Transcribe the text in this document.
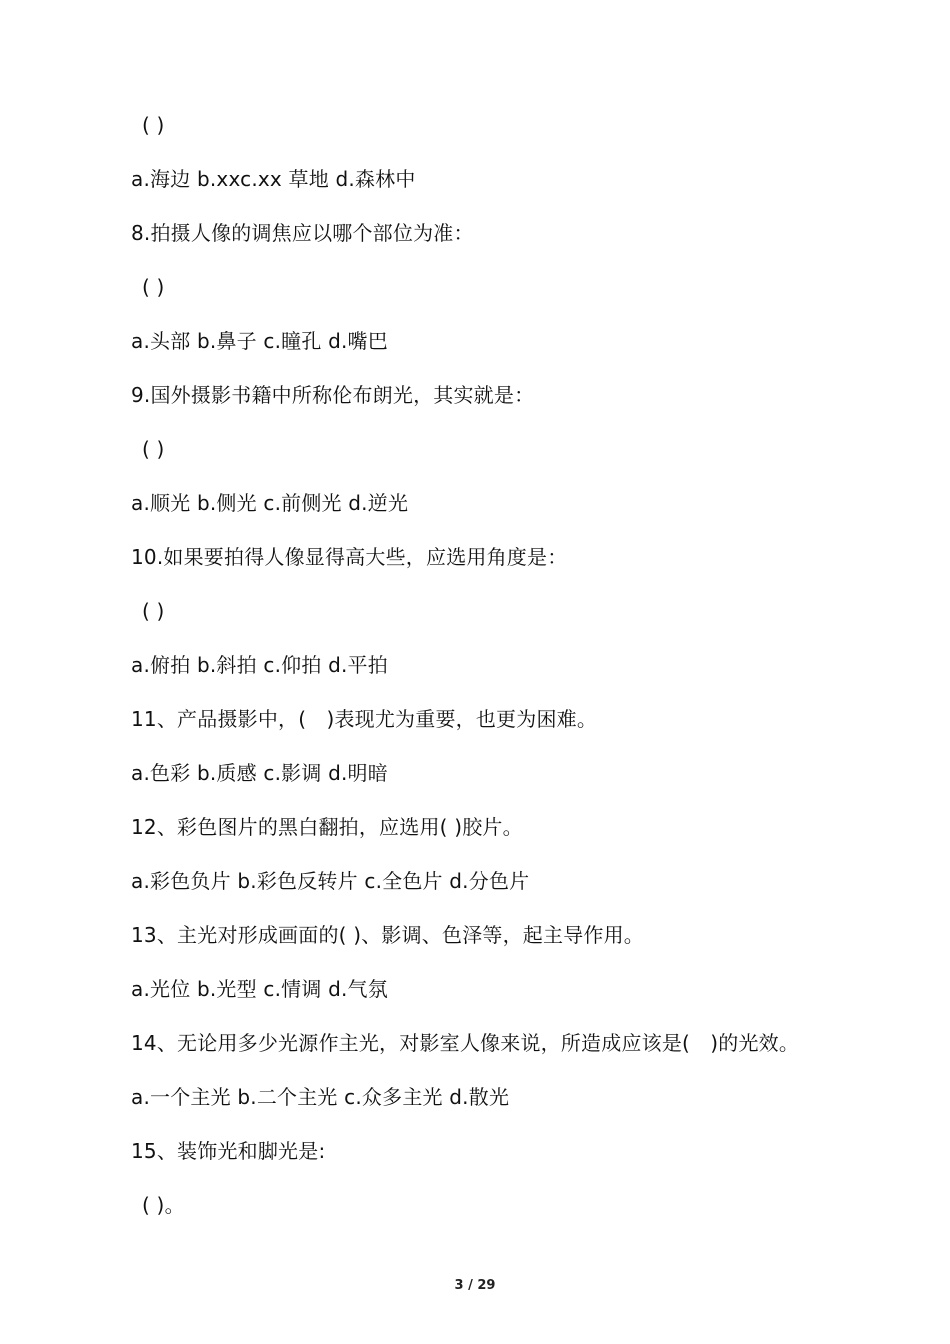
( )
a.海边 b.xxc.xx 草地 d.森林中
8.拍摄人像的调焦应以哪个部位为准：
( )
a.头部 b.鼻子 c.瞳孔 d.嘴巴
9.国外摄影书籍中所称伦布朗光，其实就是：
( )
a.顺光 b.侧光 c.前侧光 d.逆光
10.如果要拍得人像显得高大些，应选用角度是：
( )
a.俯拍 b.斜拍 c.仰拍 d.平拍
11、产品摄影中，(　)表现尤为重要，也更为困难。
a.色彩 b.质感 c.影调 d.明暗
12、彩色图片的黑白翻拍，应选用( )胶片。
a.彩色负片 b.彩色反转片 c.全色片 d.分色片
13、主光对形成画面的( )、影调、色泽等，起主导作用。
a.光位 b.光型 c.情调 d.气氛
14、无论用多少光源作主光，对影室人像来说，所造成应该是(　)的光效。
a.一个主光 b.二个主光 c.众多主光 d.散光
15、装饰光和脚光是:
( )。
3 / 29
